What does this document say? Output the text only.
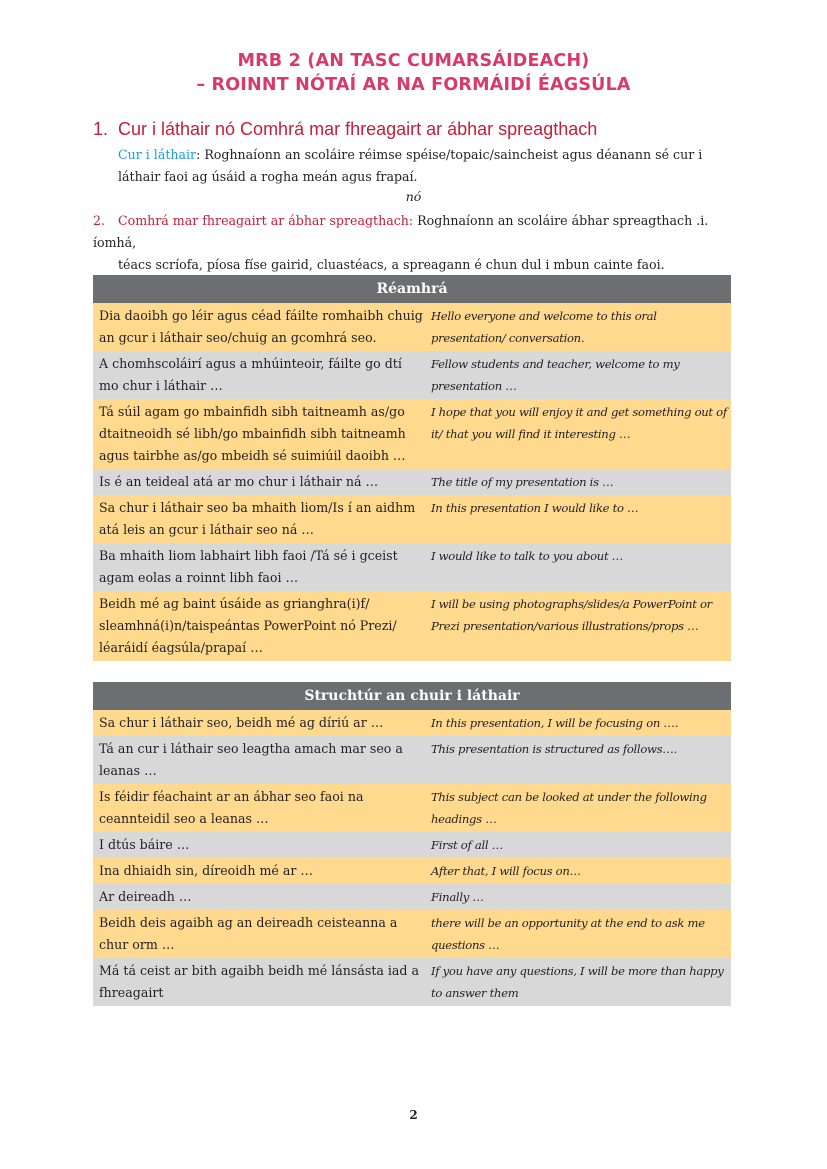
MRB 2 (AN TASC CUMARSÁIDEACH)
– ROINNT NÓTAÍ AR NA FORMÁIDÍ ÉAGSÚLA
1. Cur i láthair nó Comhrá mar fhreagairt ar ábhar spreagthach
Cur i láthair: Roghnaíonn an scoláire réimse spéise/topaic/saincheist agus déanann sé cur i láthair faoi ag úsáid a rogha meán agus frapaí.
nó
2. Comhrá mar fhreagairt ar ábhar spreagthach: Roghnaíonn an scoláire ábhar spreagthach .i. íomhá,
téacs scríofa, píosa físe gairid, cluastéacs, a spreagann é chun dul i mbun cainte faoi.
Réamhrá	
Dia daoibh go léir agus céad fáilte romhaibh chuig an gcur i láthair seo/chuig an gcomhrá seo.	Hello everyone and welcome to this oral presentation/ conversation.
A chomhscoláirí agus a mhúinteoir, fáilte go dtí mo chur i láthair …	Fellow students and teacher, welcome to my presentation …
Tá súil agam go mbainfidh sibh taitneamh as/go dtaitneoidh sé libh/go mbainfidh sibh taitneamh agus tairbhe as/go mbeidh sé suimiúil daoibh …	I hope that you will enjoy it and get something out of it/ that you will find it interesting …
Is é an teideal atá ar mo chur i láthair ná …	The title of my presentation is …
Sa chur i láthair seo ba mhaith liom/Is í an aidhm atá leis an gcur i láthair seo ná …	In this presentation I would like to …
Ba mhaith liom labhairt libh faoi /Tá sé i gceist agam eolas a roinnt libh faoi …	I would like to talk to you about …
Beidh mé ag baint úsáide as grianghra(i)f/ sleamhná(i)n/taispeántas PowerPoint nó Prezi/ léaráidí éagsúla/prapaí …	I will be using photographs/slides/a PowerPoint or Prezi presentation/various illustrations/props …
Struchtúr an chuir i láthair	
Sa chur i láthair seo, beidh mé ag díriú ar …	In this presentation, I will be focusing on ….
Tá an cur i láthair seo leagtha amach mar seo a leanas …	This presentation is structured as follows….
Is féidir féachaint ar an ábhar seo faoi na ceannteidil seo a leanas …	This subject can be looked at under the following headings …
I dtús báire …	First of all …
Ina dhiaidh sin, díreoidh mé ar …	After that, I will focus on…
Ar deireadh …	Finally …
Beidh deis agaibh ag an deireadh ceisteanna a chur orm …	there will be an opportunity at the end to ask me questions …
Má tá ceist ar bith agaibh beidh mé lánsásta iad a fhreagairt	If you have any questions, I will be more than happy to answer them
2
